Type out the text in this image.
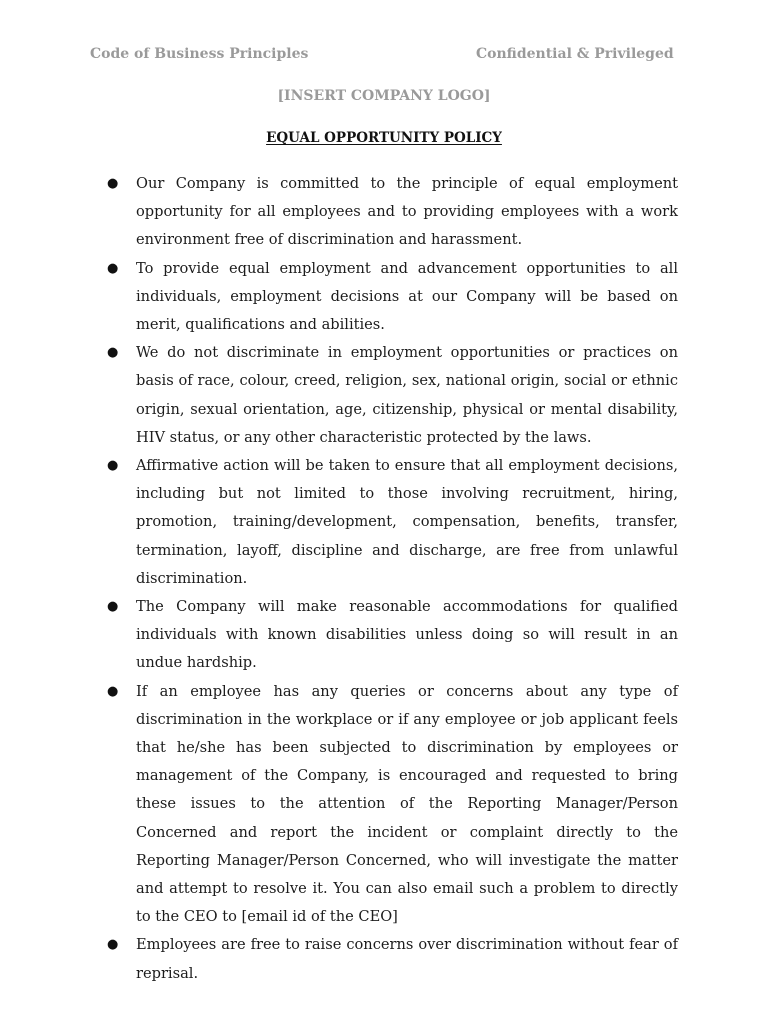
Code of Business Principles	Confidential & Privileged
[INSERT COMPANY LOGO]
EQUAL OPPORTUNITY POLICY
●	Our Company is committed to the principle of equal employment opportunity for all employees and to providing employees with a work environment free of discrimination and harassment.
●	To provide equal employment and advancement opportunities to all individuals, employment decisions at our Company will be based on merit, qualifications and abilities.
●	We do not discriminate in employment opportunities or practices on basis of race, colour, creed, religion, sex, national origin, social or ethnic origin, sexual orientation, age, citizenship, physical or mental disability, HIV status, or any other characteristic protected by the laws.
●	Affirmative action will be taken to ensure that all employment decisions, including but not limited to those involving recruitment, hiring, promotion, training/development, compensation, benefits, transfer, termination, layoff, discipline and discharge, are free from unlawful discrimination.
●	The Company will make reasonable accommodations for qualified individuals with known disabilities unless doing so will result in an undue hardship.
●	If an employee has any queries or concerns about any type of discrimination in the workplace or if any employee or job applicant feels that he/she has been subjected to discrimination by employees or management of the Company, is encouraged and requested to bring these issues to the attention of the Reporting Manager/Person Concerned and report the incident or complaint directly to the Reporting Manager/Person Concerned, who will investigate the matter and attempt to resolve it. You can also email such a problem to directly to the CEO to [email id of the CEO]
●	Employees are free to raise concerns over discrimination without fear of reprisal.
